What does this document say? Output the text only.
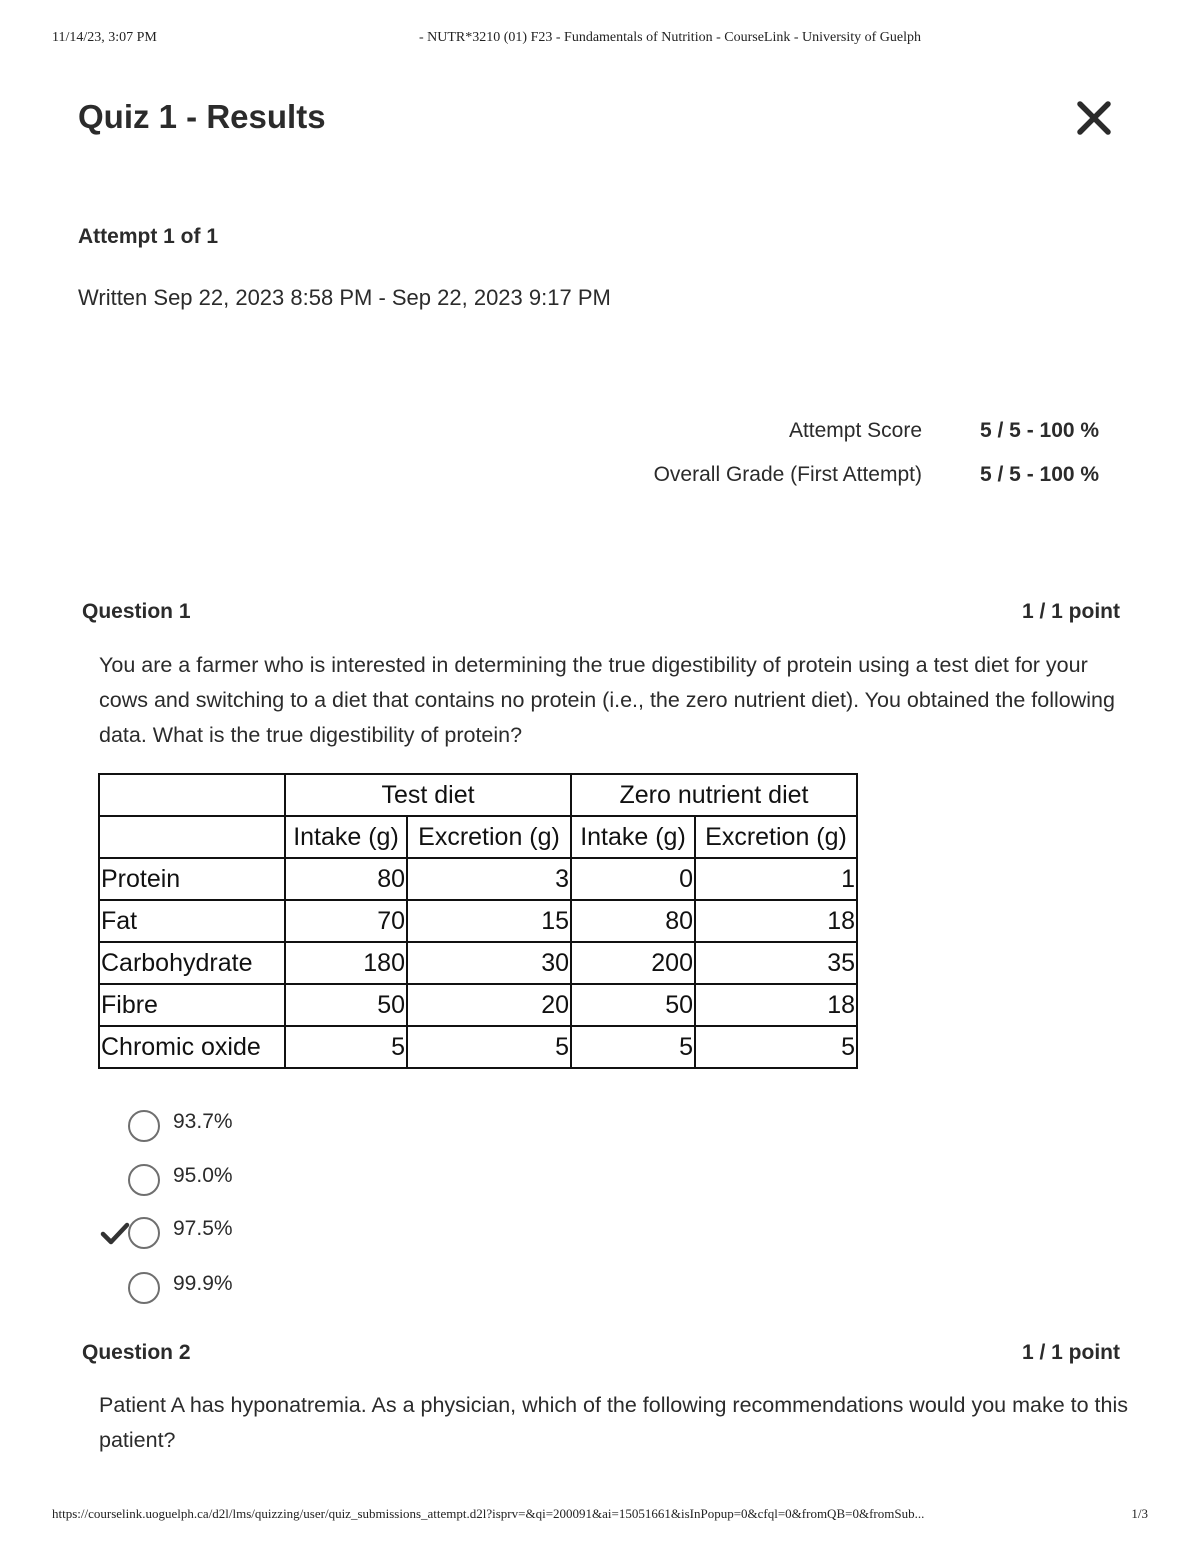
11/14/23, 3:07 PM	- NUTR*3210 (01) F23 - Fundamentals of Nutrition - CourseLink - University of Guelph
Quiz 1 - Results
Attempt 1 of 1
Written Sep 22, 2023 8:58 PM - Sep 22, 2023 9:17 PM
Attempt Score	5 / 5 - 100 %
Overall Grade (First Attempt)	5 / 5 - 100 %
Question 1	1 / 1 point
You are a farmer who is interested in determining the true digestibility of protein using a test diet for your cows and switching to a diet that contains no protein (i.e., the zero nutrient diet). You obtained the following data. What is the true digestibility of protein?
	Test diet		Zero nutrient diet	
	Intake (g)	Excretion (g)	Intake (g)	Excretion (g)
Protein	80	3	0	1
Fat	70	15	80	18
Carbohydrate	180	30	200	35
Fibre	50	20	50	18
Chromic oxide	5	5	5	5
93.7%
95.0%
97.5%
99.9%
Question 2	1 / 1 point
Patient A has hyponatremia. As a physician, which of the following recommendations would you make to this patient?
https://courselink.uoguelph.ca/d2l/lms/quizzing/user/quiz_submissions_attempt.d2l?isprv=&qi=200091&ai=15051661&isInPopup=0&cfql=0&fromQB=0&fromSub...	1/3
